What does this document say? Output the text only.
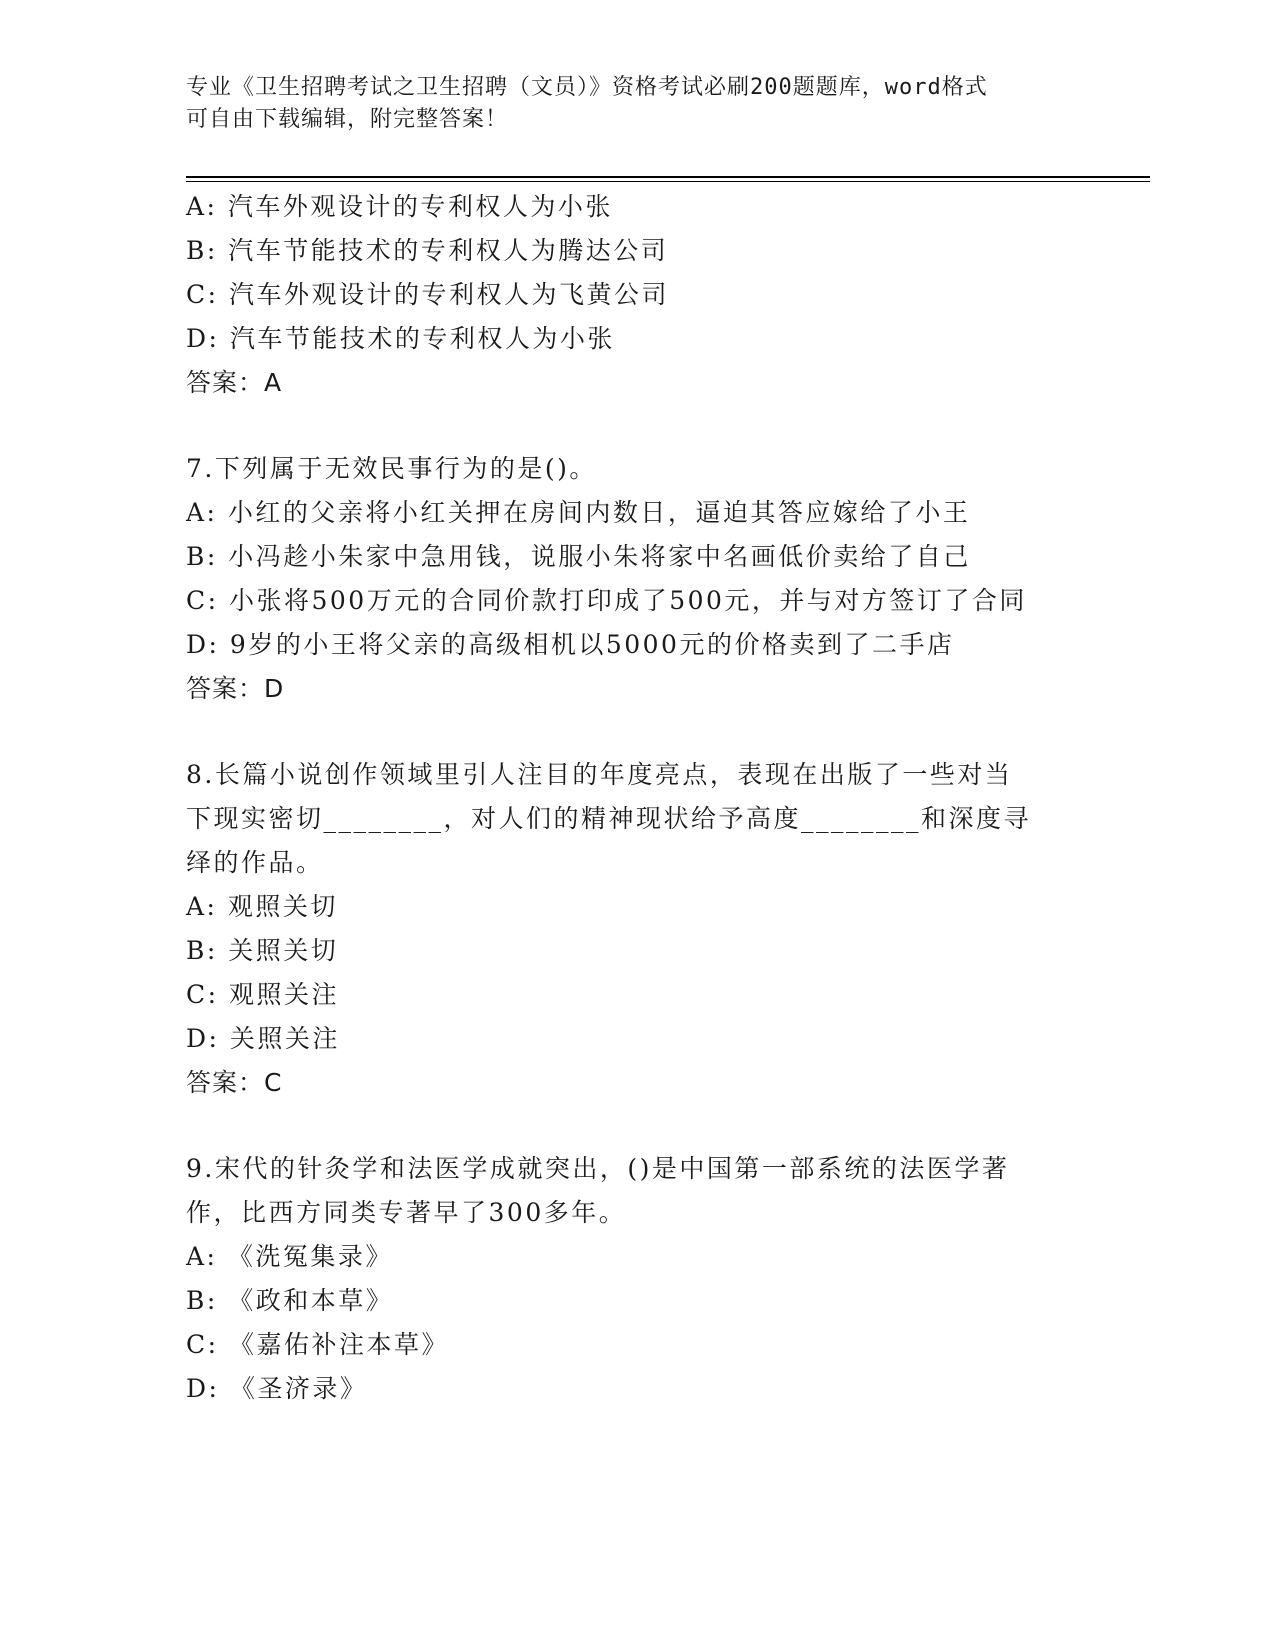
专业《卫生招聘考试之卫生招聘（文员）》资格考试必刷200题题库，word格式
可自由下载编辑，附完整答案！
A: 汽车外观设计的专利权人为小张
B: 汽车节能技术的专利权人为腾达公司
C: 汽车外观设计的专利权人为飞黄公司
D: 汽车节能技术的专利权人为小张
答案：A
7.下列属于无效民事行为的是()。
A: 小红的父亲将小红关押在房间内数日，逼迫其答应嫁给了小王
B: 小冯趁小朱家中急用钱，说服小朱将家中名画低价卖给了自己
C: 小张将500万元的合同价款打印成了500元，并与对方签订了合同
D: 9岁的小王将父亲的高级相机以5000元的价格卖到了二手店
答案：D
8.长篇小说创作领域里引人注目的年度亮点，表现在出版了一些对当
下现实密切________，对人们的精神现状给予高度________和深度寻
绎的作品。
A: 观照关切
B: 关照关切
C: 观照关注
D: 关照关注
答案：C
9.宋代的针灸学和法医学成就突出，()是中国第一部系统的法医学著
作，比西方同类专著早了300多年。
A: 《洗冤集录》
B: 《政和本草》
C: 《嘉佑补注本草》
D: 《圣济录》
